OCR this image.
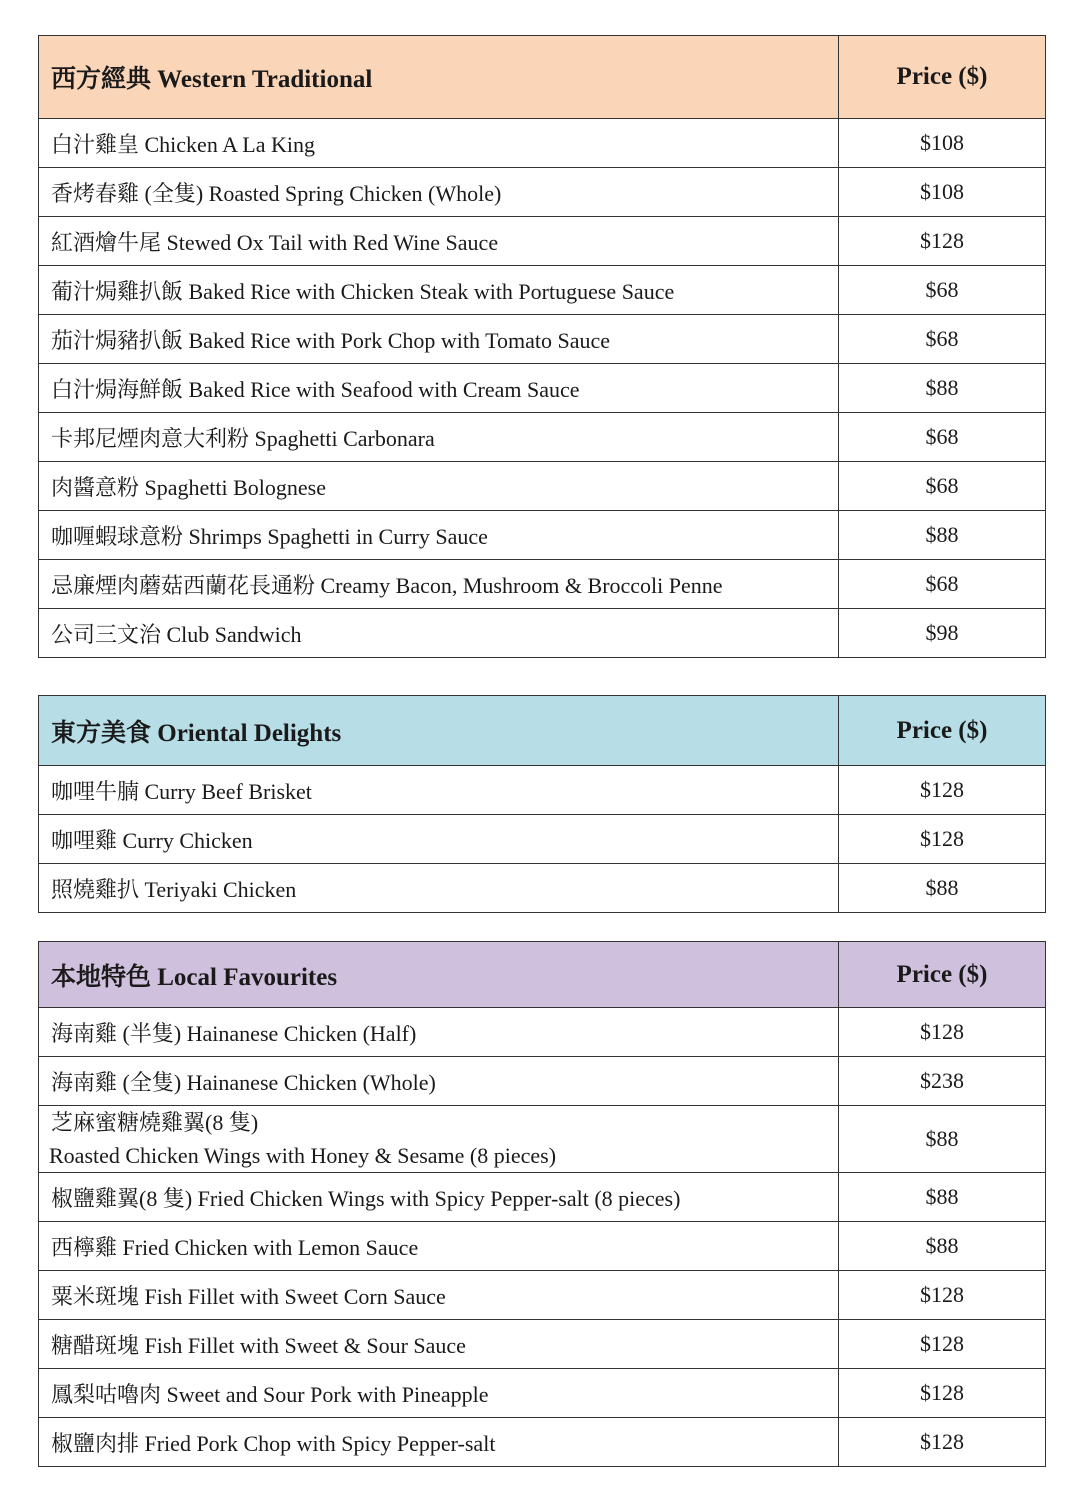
西方經典 Western Traditional	Price ($)
白汁雞皇 Chicken A La King	$108
香烤春雞 (全隻) Roasted Spring Chicken (Whole)	$108
紅酒燴牛尾 Stewed Ox Tail with Red Wine Sauce	$128
葡汁焗雞扒飯 Baked Rice with Chicken Steak with Portuguese Sauce	$68
茄汁焗豬扒飯 Baked Rice with Pork Chop with Tomato Sauce	$68
白汁焗海鮮飯 Baked Rice with Seafood with Cream Sauce	$88
卡邦尼煙肉意大利粉 Spaghetti Carbonara	$68
肉醬意粉 Spaghetti Bolognese	$68
咖喱蝦球意粉 Shrimps Spaghetti in Curry Sauce	$88
忌廉煙肉蘑菇西蘭花長通粉 Creamy Bacon, Mushroom & Broccoli Penne	$68
公司三文治 Club Sandwich	$98
東方美食 Oriental Delights	Price ($)
咖哩牛腩 Curry Beef Brisket	$128
咖哩雞 Curry Chicken	$128
照燒雞扒 Teriyaki Chicken	$88
本地特色 Local Favourites	Price ($)
海南雞 (半隻) Hainanese Chicken (Half)	$128
海南雞 (全隻) Hainanese Chicken (Whole)	$238

芝麻蜜糖燒雞翼(8 隻)
Roasted Chicken Wings with Honey & Sesame (8 pieces)	$88
椒鹽雞翼(8 隻) Fried Chicken Wings with Spicy Pepper-salt (8 pieces)	$88
西檸雞 Fried Chicken with Lemon Sauce	$88
粟米斑塊 Fish Fillet with Sweet Corn Sauce	$128
糖醋斑塊 Fish Fillet with Sweet & Sour Sauce	$128
鳳梨咕嚕肉 Sweet and Sour Pork with Pineapple	$128
椒鹽肉排 Fried Pork Chop with Spicy Pepper-salt	$128
